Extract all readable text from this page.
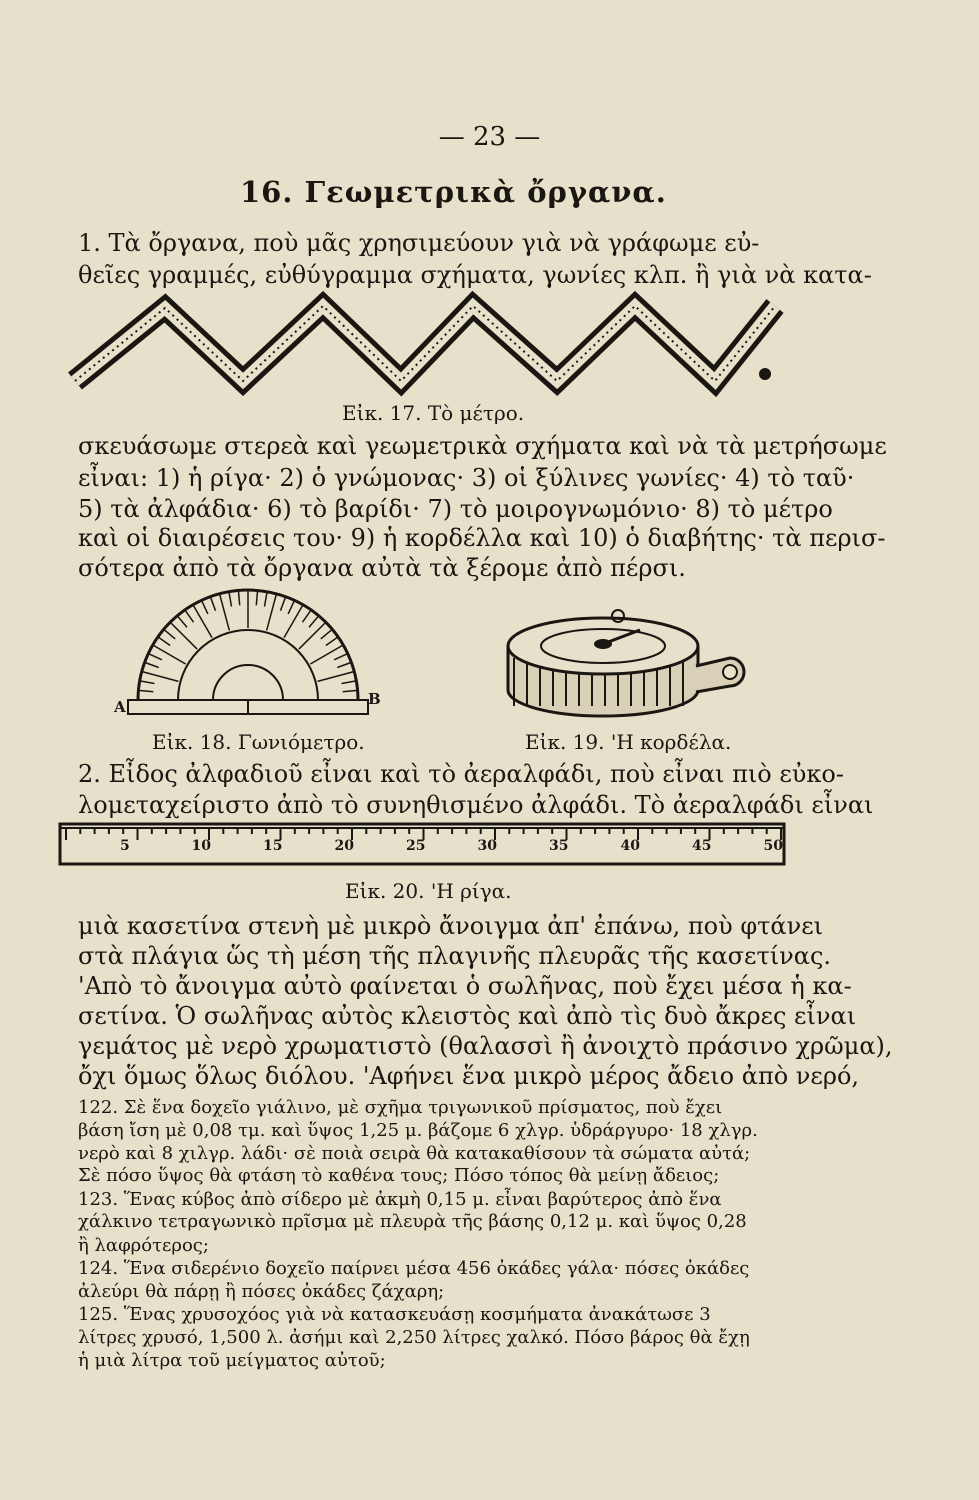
— 23 —
16. Γεωμετρικὰ ὄργανα.
1. Τὰ ὄργανα, ποὺ μᾶς χρησιμεύουν γιὰ νὰ γράφωμε εὐ-
θεῖες γραμμές, εὐθύγραμμα σχήματα, γωνίες κλπ. ἢ γιὰ νὰ κατα-
Εἰκ. 17. Τὸ μέτρο.
σκευάσωμε στερεὰ καὶ γεωμετρικὰ σχήματα καὶ νὰ τὰ μετρήσωμε
εἶναι: 1) ἡ ρίγα· 2) ὁ γνώμονας· 3) οἱ ξύλινες γωνίες· 4) τὸ ταῦ·
5) τὰ ἀλφάδια· 6) τὸ βαρίδι· 7) τὸ μοιρογνωμόνιο· 8) τὸ μέτρο
καὶ οἱ διαιρέσεις του· 9) ἡ κορδέλλα καὶ 10) ὁ διαβήτης· τὰ περισ-
σότερα ἀπὸ τὰ ὄργανα αὐτὰ τὰ ξέρομε ἀπὸ πέρσι.
Α	Β
Εἰκ. 18. Γωνιόμετρο.	Εἰκ. 19. 'Η κορδέλα.
2. Εἶδος ἀλφαδιοῦ εἶναι καὶ τὸ ἀεραλφάδι, ποὺ εἶναι πιὸ εὐκο-
λομεταχείριστο ἀπὸ τὸ συνηθισμένο ἀλφάδι. Τὸ ἀεραλφάδι εἶναι
5	10	15	20	25	30	35	40	45	50
Εἰκ. 20. 'Η ρίγα.
μιὰ κασετίνα στενὴ μὲ μικρὸ ἄνοιγμα ἀπ' ἐπάνω, ποὺ φτάνει
στὰ πλάγια ὥς τὴ μέση τῆς πλαγινῆς πλευρᾶς τῆς κασετίνας.
'Απὸ τὸ ἄνοιγμα αὐτὸ φαίνεται ὁ σωλῆνας, ποὺ ἔχει μέσα ἡ κα-
σετίνα. Ὁ σωλῆνας αὐτὸς κλειστὸς καὶ ἀπὸ τὶς δυὸ ἄκρες εἶναι
γεμάτος μὲ νερὸ χρωματιστὸ (θαλασσὶ ἢ ἀνοιχτὸ πράσινο χρῶμα),
ὄχι ὅμως ὅλως διόλου. 'Αφήνει ἕνα μικρὸ μέρος ἄδειο ἀπὸ νερό,
122. Σὲ ἕνα δοχεῖο γιάλινο, μὲ σχῆμα τριγωνικοῦ πρίσματος, ποὺ ἔχει
βάση ἴση μὲ 0,08 τμ. καὶ ὕψος 1,25 μ. βάζομε 6 χλγρ. ὑδράργυρο· 18 χλγρ.
νερὸ καὶ 8 χιλγρ. λάδι· σὲ ποιὰ σειρὰ θὰ κατακαθίσουν τὰ σώματα αὐτά;
Σὲ πόσο ὕψος θὰ φτάση τὸ καθένα τους; Πόσο τόπος θὰ μείνῃ ἄδειος;
123. Ἕνας κύβος ἀπὸ σίδερο μὲ ἀκμὴ 0,15 μ. εἶναι βαρύτερος ἀπὸ ἕνα
χάλκινο τετραγωνικὸ πρῖσμα μὲ πλευρὰ τῆς βάσης 0,12 μ. καὶ ὕψος 0,28
ἢ λαφρότερος;
124. Ἕνα σιδερένιο δοχεῖο παίρνει μέσα 456 ὀκάδες γάλα· πόσες ὀκάδες
ἀλεύρι θὰ πάρῃ ἢ πόσες ὀκάδες ζάχαρη;
125. Ἕνας χρυσοχόος γιὰ νὰ κατασκευάσῃ κοσμήματα ἀνακάτωσε 3
λίτρες χρυσό, 1,500 λ. ἀσήμι καὶ 2,250 λίτρες χαλκό. Πόσο βάρος θὰ ἔχῃ
ἡ μιὰ λίτρα τοῦ μείγματος αὐτοῦ;
